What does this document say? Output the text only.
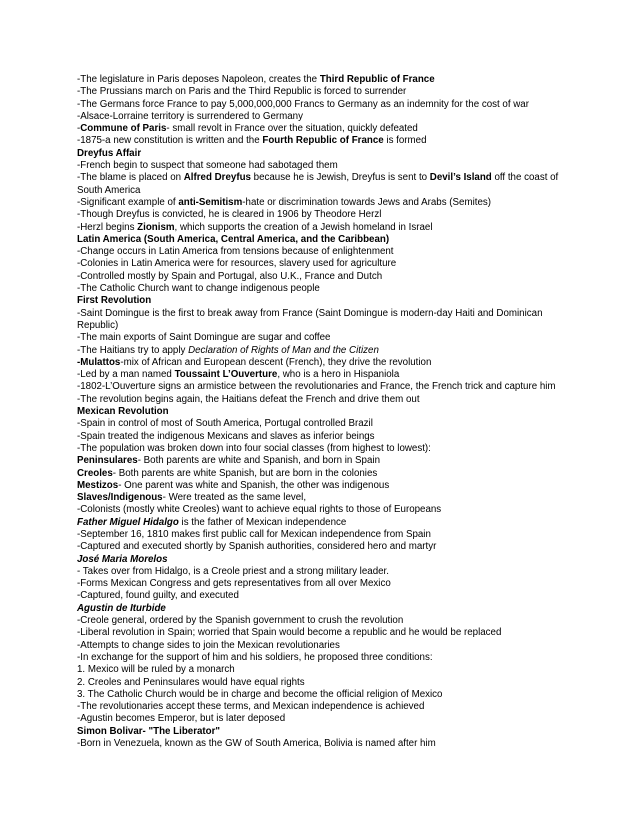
-The legislature in Paris deposes Napoleon, creates the Third Republic of France

-The Prussians march on Paris and the Third Republic is forced to surrender

-The Germans force France to pay 5,000,000,000 Francs to Germany as an indemnity for the cost of war

-Alsace-Lorraine territory is surrendered to Germany

-Commune of Paris- small revolt in France over the situation, quickly defeated

-1875-a new constitution is written and the Fourth Republic of France is formed

Dreyfus Affair

-French begin to suspect that someone had sabotaged them

-The blame is placed on Alfred Dreyfus because he is Jewish, Dreyfus is sent to Devil’s Island off the coast of South America

-Significant example of anti-Semitism-hate or discrimination towards Jews and Arabs (Semites)

-Though Dreyfus is convicted, he is cleared in 1906 by Theodore Herzl

-Herzl begins Zionism, which supports the creation of a Jewish homeland in Israel

Latin America (South America, Central America, and the Caribbean)

-Change occurs in Latin America from tensions because of enlightenment

-Colonies in Latin America were for resources, slavery used for agriculture

-Controlled mostly by Spain and Portugal, also U.K., France and Dutch

-The Catholic Church want to change indigenous people

First Revolution

-Saint Domingue is the first to break away from France (Saint Domingue is modern-day Haiti and Dominican Republic)

-The main exports of Saint Domingue are sugar and coffee

-The Haitians try to apply Declaration of Rights of Man and the Citizen

-Mulattos-mix of African and European descent (French), they drive the revolution

-Led by a man named Toussaint L’Ouverture, who is a hero in Hispaniola

-1802-L’Ouverture signs an armistice between the revolutionaries and France, the French trick and capture him

-The revolution begins again, the Haitians defeat the French and drive them out

Mexican Revolution

-Spain in control of most of South America, Portugal controlled Brazil

-Spain treated the indigenous Mexicans and slaves as inferior beings

-The population was broken down into four social classes (from highest to lowest):

Peninsulares- Both parents are white and Spanish, and born in Spain

Creoles- Both parents are white Spanish, but are born in the colonies

Mestizos- One parent was white and Spanish, the other was indigenous

Slaves/Indigenous- Were treated as the same level,

-Colonists (mostly white Creoles) want to achieve equal rights to those of Europeans

Father Miguel Hidalgo is the father of Mexican independence

-September 16, 1810 makes first public call for Mexican independence from Spain

-Captured and executed shortly by Spanish authorities, considered hero and martyr

José Maria Morelos

- Takes over from Hidalgo, is a Creole priest and a strong military leader.

-Forms Mexican Congress and gets representatives from all over Mexico

-Captured, found guilty, and executed

Agustin de Iturbide

-Creole general, ordered by the Spanish government to crush the revolution

-Liberal revolution in Spain; worried that Spain would become a republic and he would be replaced

-Attempts to change sides to join the Mexican revolutionaries

-In exchange for the support of him and his soldiers, he proposed three conditions:

1. Mexico will be ruled by a monarch

2. Creoles and Peninsulares would have equal rights

3. The Catholic Church would be in charge and become the official religion of Mexico

-The revolutionaries accept these terms, and Mexican independence is achieved

-Agustin becomes Emperor, but is later deposed

Simon Bolivar- "The Liberator"

-Born in Venezuela, known as the GW of South America, Bolivia is named after him
